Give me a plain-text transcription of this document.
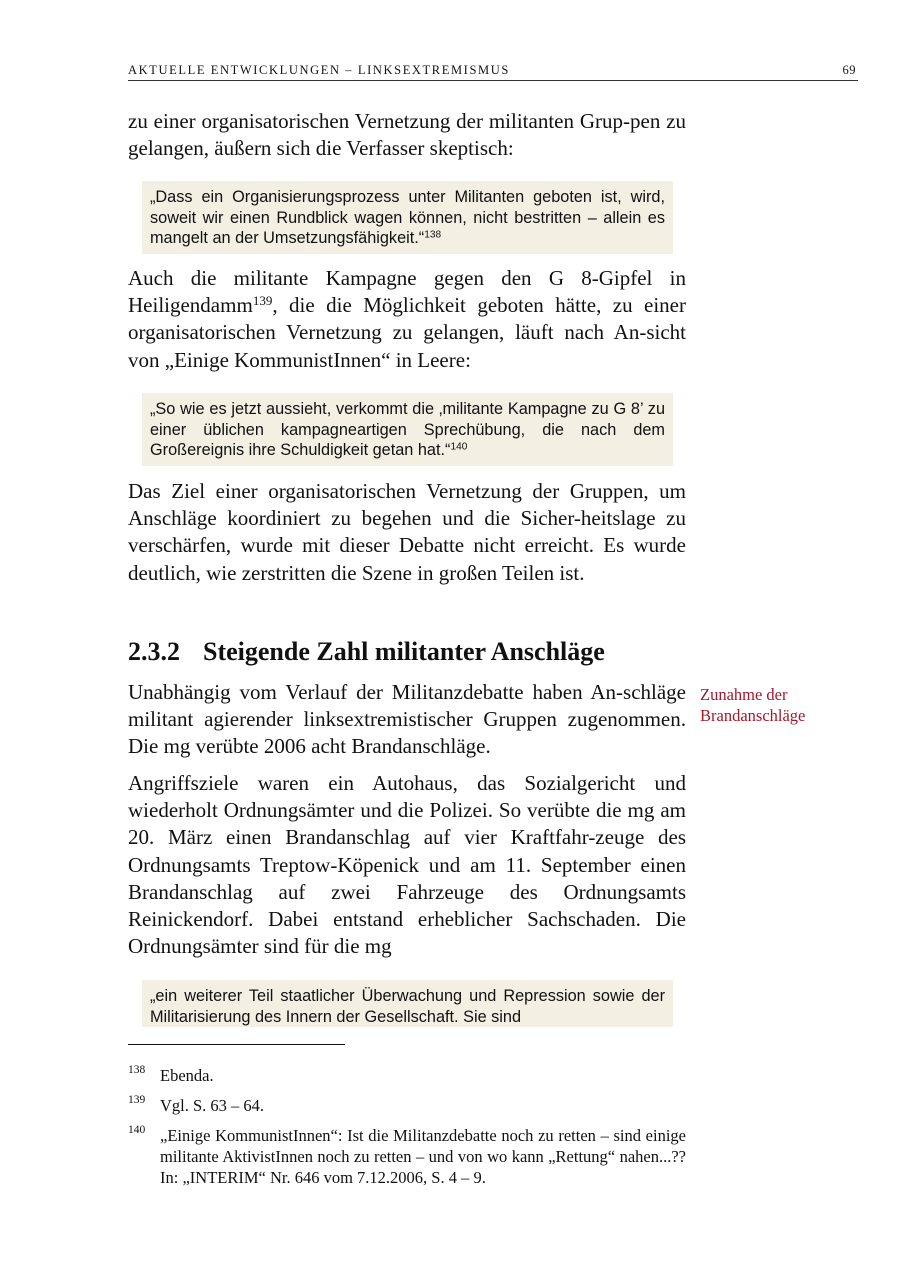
AKTUELLE ENTWICKLUNGEN – LINKSEXTREMISMUS	69

zu einer organisatorischen Vernetzung der militanten Grup-pen zu gelangen, äußern sich die Verfasser skeptisch:

„Dass ein Organisierungsprozess unter Militanten geboten ist, wird, soweit wir einen Rundblick wagen können, nicht bestritten – allein es mangelt an der Umsetzungsfähigkeit.“$^{138}$

Auch die militante Kampagne gegen den G 8-Gipfel in Heiligendamm$^{139}$, die die Möglichkeit geboten hätte, zu einer organisatorischen Vernetzung zu gelangen, läuft nach An-sicht von „Einige KommunistInnen“ in Leere:

„So wie es jetzt aussieht, verkommt die ‚militante Kampagne zu G 8’ zu einer üblichen kampagneartigen Sprechübung, die nach dem Großereignis ihre Schuldigkeit getan hat.“$^{140}$

Das Ziel einer organisatorischen Vernetzung der Gruppen, um Anschläge koordiniert zu begehen und die Sicher-heitslage zu verschärfen, wurde mit dieser Debatte nicht erreicht. Es wurde deutlich, wie zerstritten die Szene in großen Teilen ist.

2.3.2 Steigende Zahl militanter Anschläge
Zunahme der
Brandanschläge

Unabhängig vom Verlauf der Militanzdebatte haben An-schläge militant agierender linksextremistischer Gruppen zugenommen. Die mg verübte 2006 acht Brandanschläge.

Angriffsziele waren ein Autohaus, das Sozialgericht und wiederholt Ordnungsämter und die Polizei. So verübte die mg am 20. März einen Brandanschlag auf vier Kraftfahr-zeuge des Ordnungsamts Treptow-Köpenick und am 11. September einen Brandanschlag auf zwei Fahrzeuge des Ordnungsamts Reinickendorf. Dabei entstand erheblicher Sachschaden. Die Ordnungsämter sind für die mg

„ein weiterer Teil staatlicher Überwachung und Repression sowie der Militarisierung des Innern der Gesellschaft. Sie sind
138 Ebenda.
139 Vgl. S. 63 – 64.
140 „Einige KommunistInnen“: Ist die Militanzdebatte noch zu retten – sind einige militante AktivistInnen noch zu retten – und von wo kann „Rettung“ nahen...?? In: „INTERIM“ Nr. 646 vom 7.12.2006, S. 4 – 9.
